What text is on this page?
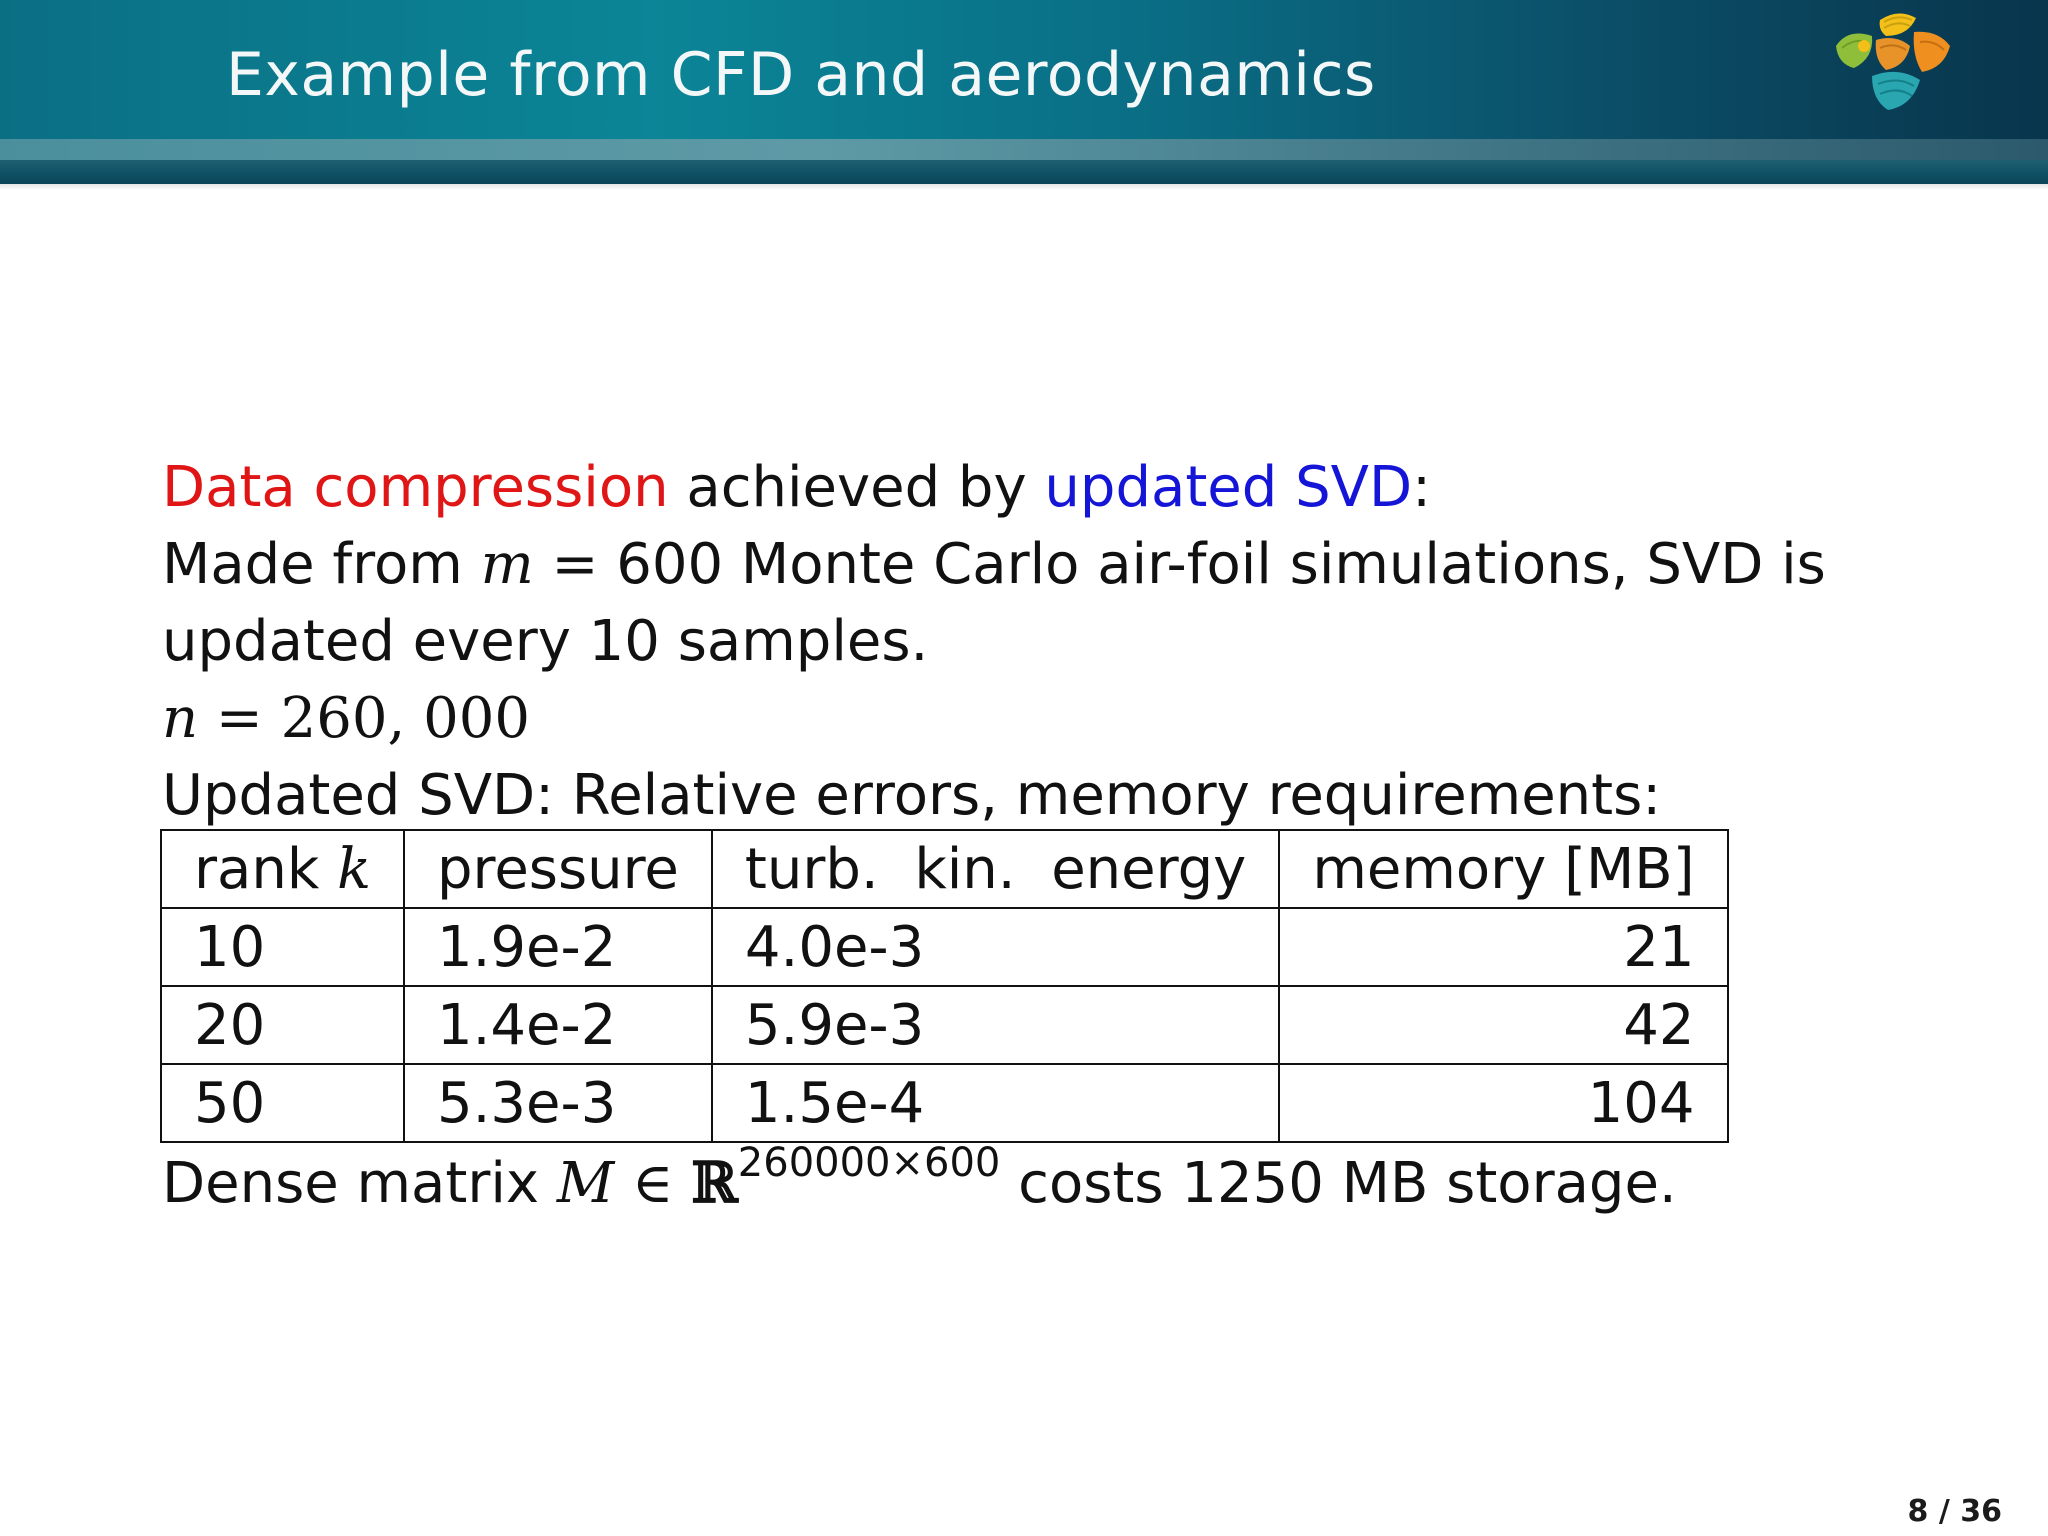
Example from CFD and aerodynamics
Data compression achieved by updated SVD:
Made from m = 600 Monte Carlo air-foil simulations, SVD is
updated every 10 samples.
n = 260, 000
Updated SVD: Relative errors, memory requirements:
rank k	pressure	turb.  kin.  energy	memory [MB]
10	1.9e-2	4.0e-3	21
20	1.4e-2	5.9e-3	42
50	5.3e-3	1.5e-4	104
Dense matrix M ∈ ℝ$^{260000\times 600}$ costs 1250 MB storage.
8 / 36
